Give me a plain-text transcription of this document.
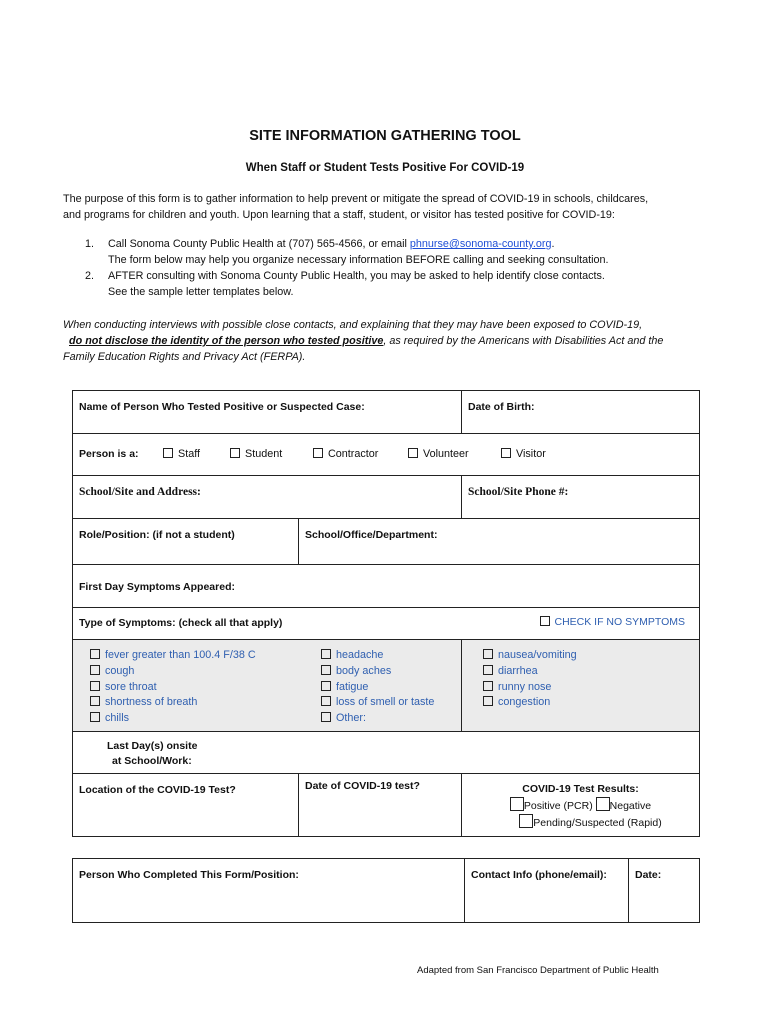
SITE INFORMATION GATHERING TOOL
When Staff or Student Tests Positive For COVID-19
The purpose of this form is to gather information to help prevent or mitigate the spread of COVID-19 in schools, childcares,
and programs for children and youth. Upon learning that a staff, student, or visitor has tested positive for COVID-19:
1.	Call Sonoma County Public Health at (707) 565-4566, or email phnurse@sonoma-county.org.
The form below may help you organize necessary information BEFORE calling and seeking consultation.
2.	AFTER consulting with Sonoma County Public Health, you may be asked to help identify close contacts.
See the sample letter templates below.
When conducting interviews with possible close contacts, and explaining that they may have been exposed to COVID-19,
do not disclose the identity of the person who tested positive, as required by the Americans with Disabilities Act and the
Family Education Rights and Privacy Act (FERPA).
Name of Person Who Tested Positive or Suspected Case:	Date of Birth:
Person is a:	Staff	Student	Contractor	Volunteer	Visitor
School/Site and Address:	School/Site Phone #:
Role/Position: (if not a student)	School/Office/Department:
First Day Symptoms Appeared:
Type of Symptoms: (check all that apply)	CHECK IF NO SYMPTOMS
fever greater than 100.4 F/38 C
cough
sore throat
shortness of breath
chills
headache
body aches
fatigue
loss of smell or taste
Other:
nausea/vomiting
diarrhea
runny nose
congestion
Last Day(s) onsite
at School/Work:
Location of the COVID-19 Test?	Date of COVID-19 test?	COVID-19 Test Results:
Positive (PCR) Negative
Pending/Suspected (Rapid)
Person Who Completed This Form/Position:	Contact Info (phone/email):	Date:
Adapted from San Francisco Department of Public Health
